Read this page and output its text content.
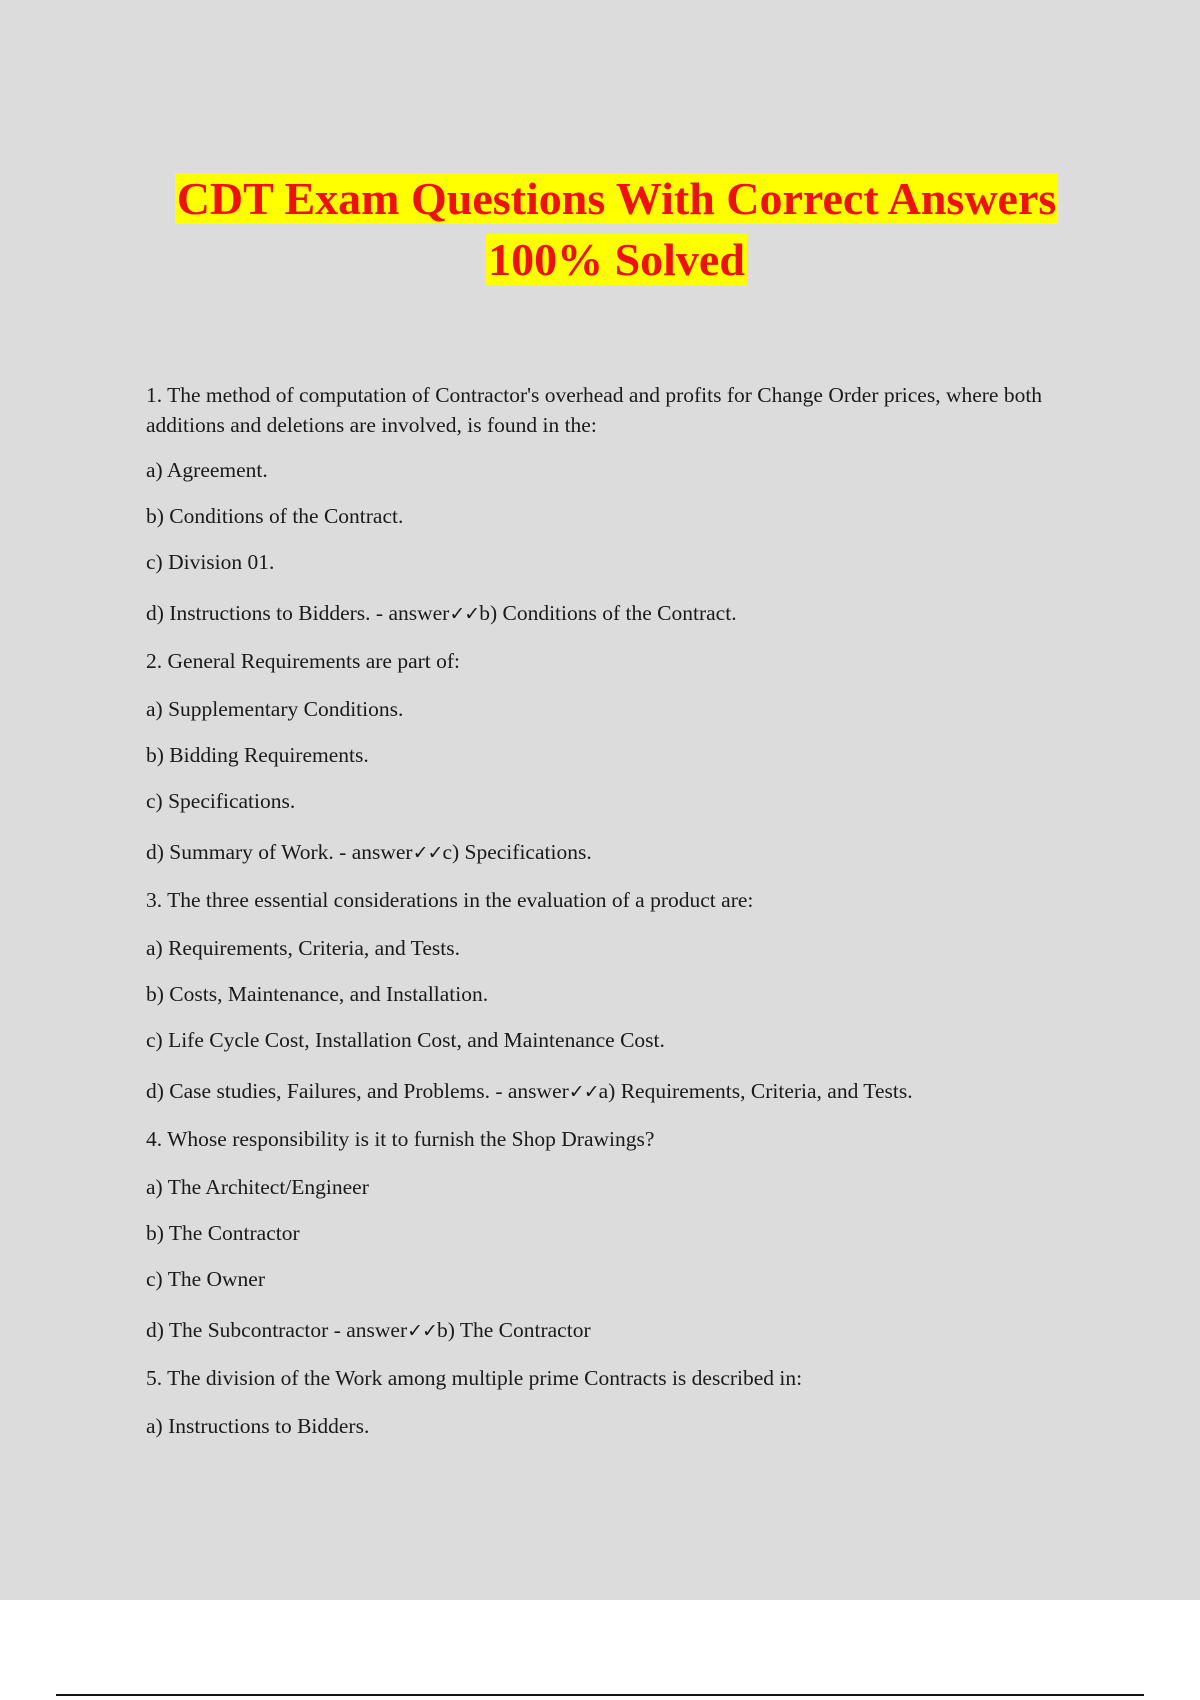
CDT Exam Questions With Correct Answers
100% Solved

1. The method of computation of Contractor's overhead and profits for Change Order prices, where both additions and deletions are involved, is found in the:

a) Agreement.

b) Conditions of the Contract.

c) Division 01.

d) Instructions to Bidders. - answer✓✓b) Conditions of the Contract.

2. General Requirements are part of:

a) Supplementary Conditions.

b) Bidding Requirements.

c) Specifications.

d) Summary of Work. - answer✓✓c) Specifications.

3. The three essential considerations in the evaluation of a product are:

a) Requirements, Criteria, and Tests.

b) Costs, Maintenance, and Installation.

c) Life Cycle Cost, Installation Cost, and Maintenance Cost.

d) Case studies, Failures, and Problems. - answer✓✓a) Requirements, Criteria, and Tests.

4. Whose responsibility is it to furnish the Shop Drawings?

a) The Architect/Engineer

b) The Contractor

c) The Owner

d) The Subcontractor - answer✓✓b) The Contractor

5. The division of the Work among multiple prime Contracts is described in:

a) Instructions to Bidders.
